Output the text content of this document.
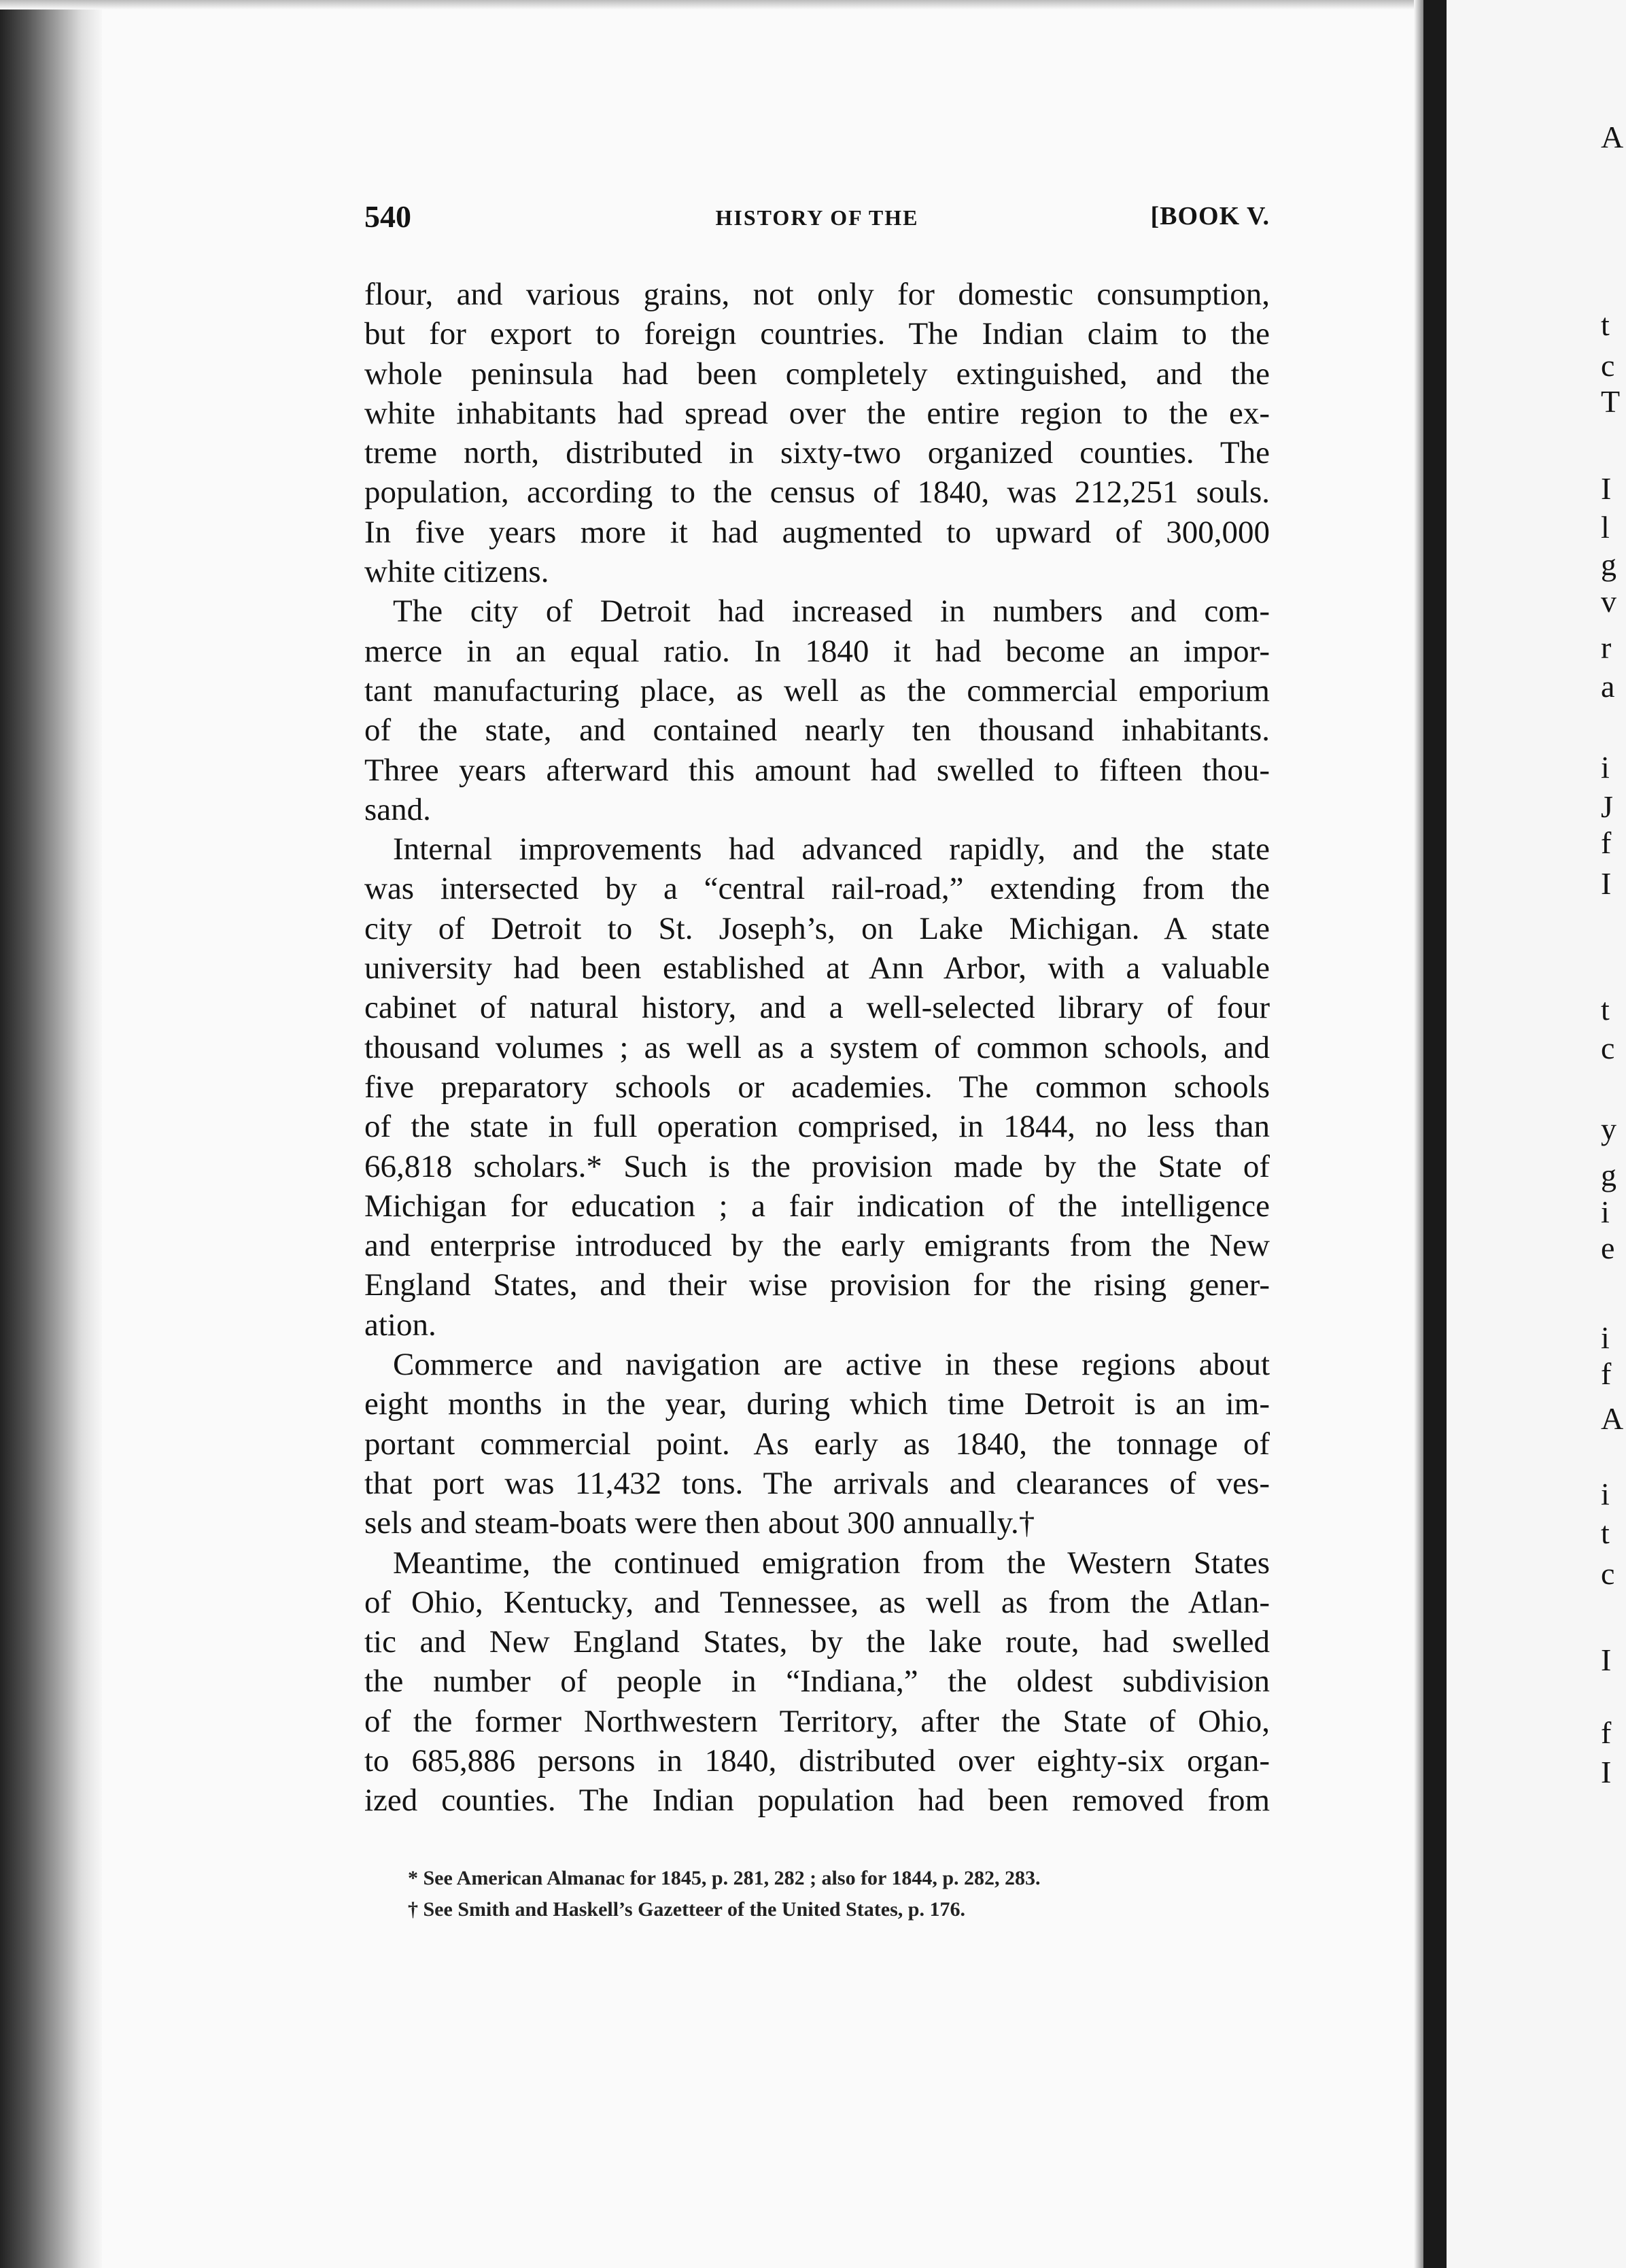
540	HISTORY OF THE	[BOOK V.
flour, and various grains, not only for domestic consumption,
but for export to foreign countries. The Indian claim to the
whole peninsula had been completely extinguished, and the
white inhabitants had spread over the entire region to the ex-
treme north, distributed in sixty-two organized counties. The
population, according to the census of 1840, was 212,251 souls.
In five years more it had augmented to upward of 300,000
white citizens.
The city of Detroit had increased in numbers and com-
merce in an equal ratio. In 1840 it had become an impor-
tant manufacturing place, as well as the commercial emporium
of the state, and contained nearly ten thousand inhabitants.
Three years afterward this amount had swelled to fifteen thou-
sand.
Internal improvements had advanced rapidly, and the state
was intersected by a “central rail-road,” extending from the
city of Detroit to St. Joseph’s, on Lake Michigan. A state
university had been established at Ann Arbor, with a valuable
cabinet of natural history, and a well-selected library of four
thousand volumes ; as well as a system of common schools, and
five preparatory schools or academies. The common schools
of the state in full operation comprised, in 1844, no less than
66,818 scholars.* Such is the provision made by the State of
Michigan for education ; a fair indication of the intelligence
and enterprise introduced by the early emigrants from the New
England States, and their wise provision for the rising gener-
ation.
Commerce and navigation are active in these regions about
eight months in the year, during which time Detroit is an im-
portant commercial point. As early as 1840, the tonnage of
that port was 11,432 tons. The arrivals and clearances of ves-
sels and steam-boats were then about 300 annually.†
Meantime, the continued emigration from the Western States
of Ohio, Kentucky, and Tennessee, as well as from the Atlan-
tic and New England States, by the lake route, had swelled
the number of people in “Indiana,” the oldest subdivision
of the former Northwestern Territory, after the State of Ohio,
to 685,886 persons in 1840, distributed over eighty-six organ-
ized counties. The Indian population had been removed from
* See American Almanac for 1845, p. 281, 282 ; also for 1844, p. 282, 283.
† See Smith and Haskell’s Gazetteer of the United States, p. 176.
A
t
c
T
I
l
g
v
r
a
i
J
f
I
t
c
y
g
i
e
i
f
A
i
t
c
I
f
I
